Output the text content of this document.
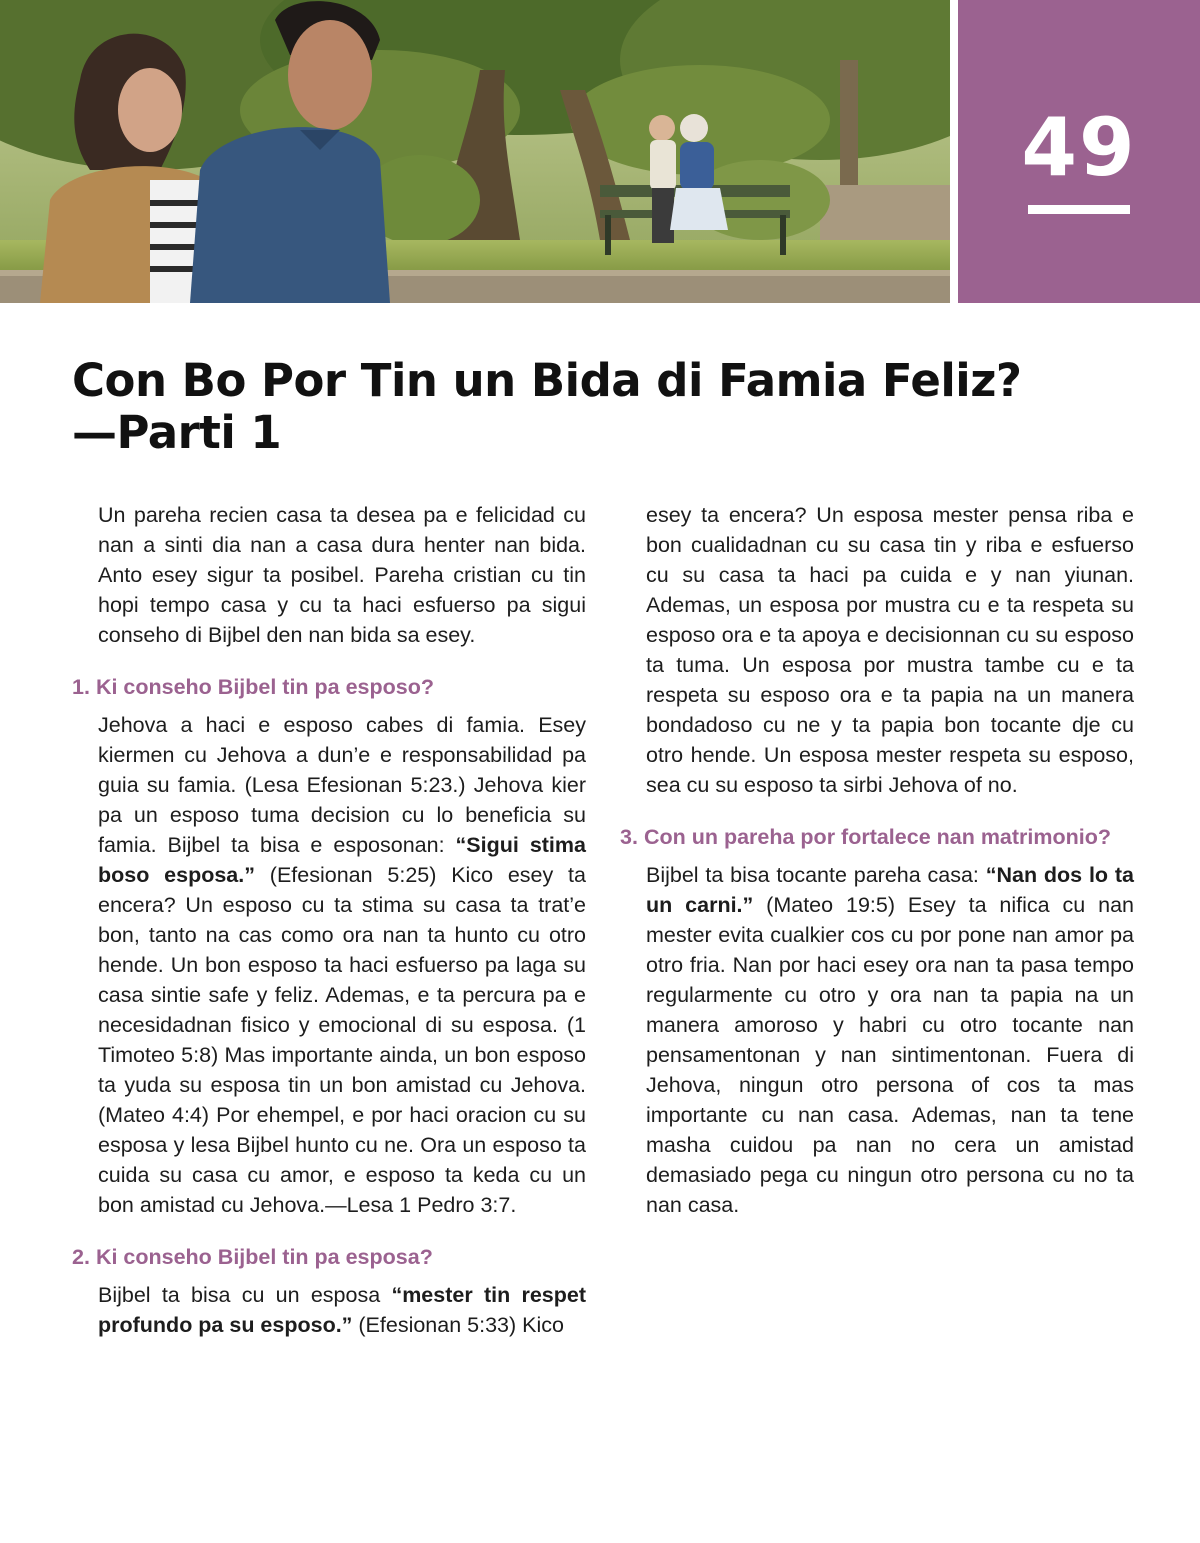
49
Con Bo Por Tin un Bida di Famia Feliz?
—Parti 1

Un pareha recien casa ta desea pa e felicidad cu nan a sinti dia nan a casa dura henter nan bida. Anto esey sigur ta posibel. Pareha cristian cu tin hopi tempo casa y cu ta haci esfuerso pa sigui conseho di Bijbel den nan bida sa esey.

1. Ki conseho Bijbel tin pa esposo?

Jehova a haci e esposo cabes di famia. Esey kiermen cu Jehova a dun’e e responsabilidad pa guia su famia. (Lesa Efesionan 5:23.) Jehova kier pa un esposo tuma decision cu lo beneficia su famia. Bijbel ta bisa e esposonan: “Sigui stima boso esposa.” (Efesionan 5:25) Kico esey ta encera? Un esposo cu ta stima su casa ta trat’e bon, tanto na cas como ora nan ta hunto cu otro hende. Un bon esposo ta haci esfuerso pa laga su casa sintie safe y feliz. Ademas, e ta percura pa e necesidadnan fisico y emocional di su esposa. (1 Timoteo 5:8) Mas importante ainda, un bon esposo ta yuda su esposa tin un bon amistad cu Jehova. (Mateo 4:4) Por ehempel, e por haci oracion cu su esposa y lesa Bijbel hunto cu ne. Ora un esposo ta cuida su casa cu amor, e esposo ta keda cu un bon amistad cu Jehova.—Lesa 1 Pedro 3:7.

2. Ki conseho Bijbel tin pa esposa?

Bijbel ta bisa cu un esposa “mester tin respet profundo pa su esposo.” (Efesionan 5:33) Kico

esey ta encera? Un esposa mester pensa riba e bon cualidadnan cu su casa tin y riba e esfuerso cu su casa ta haci pa cuida e y nan yiunan. Ademas, un esposa por mustra cu e ta respeta su esposo ora e ta apoya e decisionnan cu su esposo ta tuma. Un esposa por mustra tambe cu e ta respeta su esposo ora e ta papia na un manera bondadoso cu ne y ta papia bon tocante dje cu otro hende. Un esposa mester respeta su esposo, sea cu su esposo ta sirbi Jehova of no.

3. Con un pareha por fortalece nan matrimonio?

Bijbel ta bisa tocante pareha casa: “Nan dos lo ta un carni.” (Mateo 19:5) Esey ta nifica cu nan mester evita cualkier cos cu por pone nan amor pa otro fria. Nan por haci esey ora nan ta pasa tempo regularmente cu otro y ora nan ta papia na un manera amoroso y habri cu otro tocante nan pensamentonan y nan sintimentonan. Fuera di Jehova, ningun otro persona of cos ta mas importante cu nan casa. Ademas, nan ta tene masha cuidou pa nan no cera un amistad demasiado pega cu ningun otro persona cu no ta nan casa.
